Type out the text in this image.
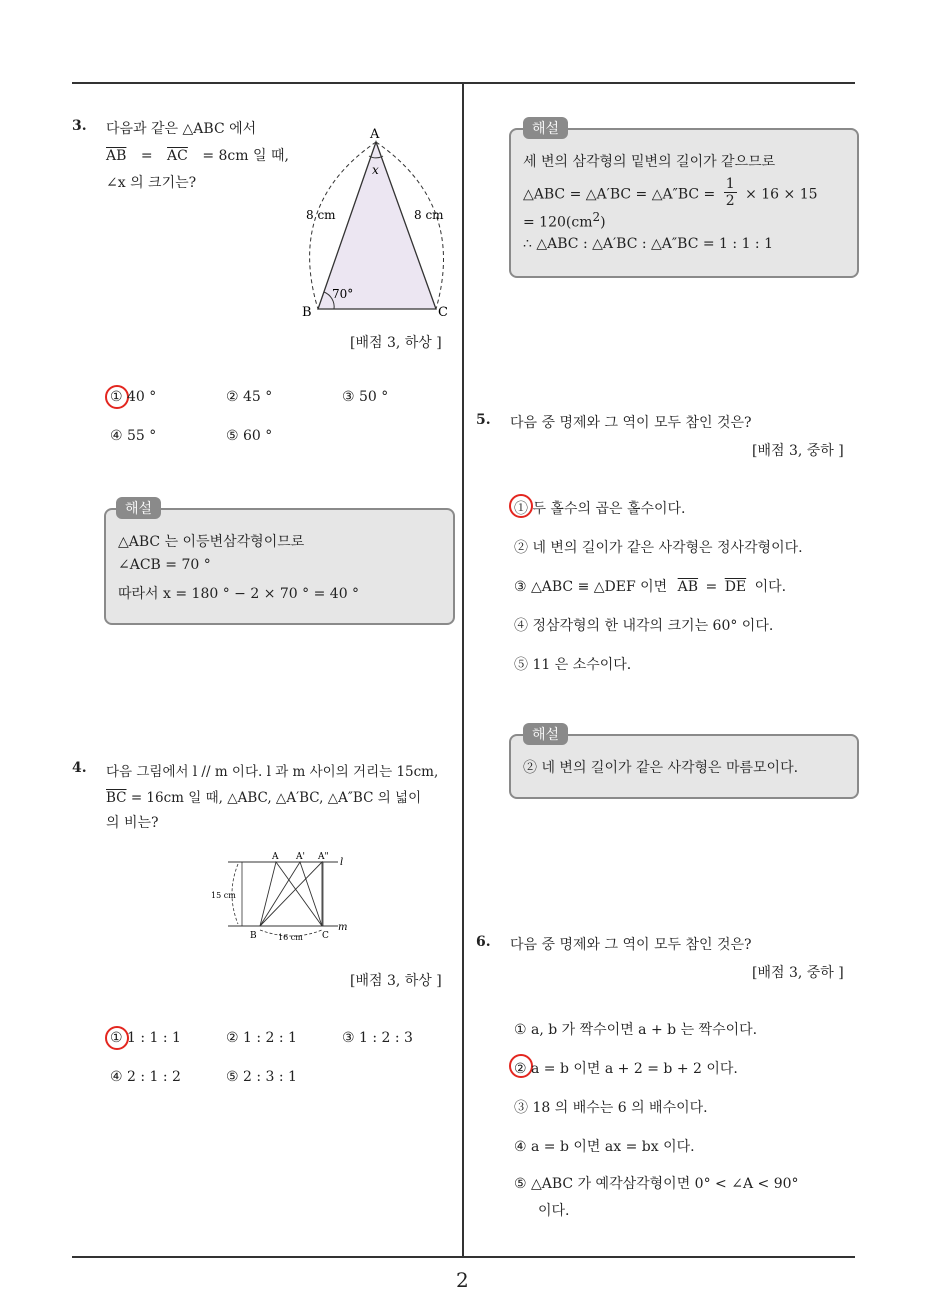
3. 다음과 같은 △ABC 에서
$\overline{AB} = \overline{AC} = 8cm$ 일 때,
∠x 의 크기는?
A
B	C
x
8 cm	8 cm
70°
[배점 3, 하상 ]
① 40 °	② 45 °	③ 50 °
④ 55 °	⑤ 60 °
해설
△ABC 는 이등변삼각형이므로
∠ACB = 70 °
따라서 x = 180 ° − 2 × 70 ° = 40 °
4. 다음 그림에서 l // m 이다. l 과 m 사이의 거리는 15cm,
$\overline{BC} = 16cm$ 일 때, △ABC, △A′BC, △A″BC 의 넓이
의 비는?
A A' A" l
m
B	C
15 cm
16 cm
[배점 3, 하상 ]
① 1 : 1 : 1	② 1 : 2 : 1	③ 1 : 2 : 3
④ 2 : 1 : 2	⑤ 2 : 3 : 1
해설
세 변의 삼각형의 밑변의 길이가 같으므로
△ABC = △A′BC = △A″BC = $\frac{1}{2} \times 16 \times 15$
= $120(cm^2)$
∴ △ABC : △A′BC : △A″BC = 1 : 1 : 1
5. 다음 중 명제와 그 역이 모두 참인 것은?
[배점 3, 중하 ]
① 두 홀수의 곱은 홀수이다.
② 네 변의 길이가 같은 사각형은 정사각형이다.
③ △ABC ≡ △DEF 이면 $\overline{AB} = \overline{DE}$ 이다.
④ 정삼각형의 한 내각의 크기는 60° 이다.
⑤ 11 은 소수이다.
해설
② 네 변의 길이가 같은 사각형은 마름모이다.
6. 다음 중 명제와 그 역이 모두 참인 것은?
[배점 3, 중하 ]
① a, b 가 짝수이면 a + b 는 짝수이다.
② a = b 이면 a + 2 = b + 2 이다.
③ 18 의 배수는 6 의 배수이다.
④ a = b 이면 ax = bx 이다.
⑤ △ABC 가 예각삼각형이면 0° < ∠A < 90°
이다.
2
